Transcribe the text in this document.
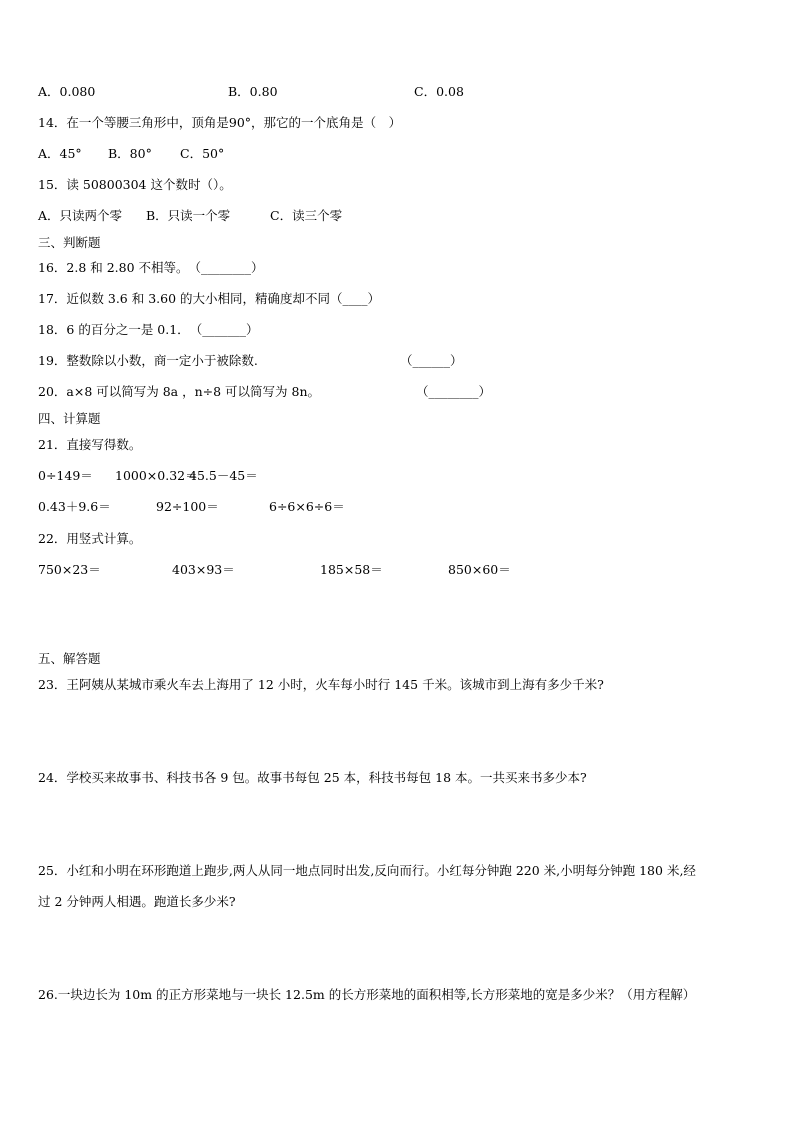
A．0.080	B．0.80	C．0.08
14．在一个等腰三角形中，顶角是90°，那它的一个底角是（　）
A．45° B．80° C．50°
15．读 50800304 这个数时（）。
A．只读两个零 B．只读一个零	C．读三个零
三、判断题
16．2.8 和 2.80 不相等。（________）
17．近似数 3.6 和 3.60 的大小相同，精确度却不同（____）
18．6 的百分之一是 0.1．（_______）
19．整数除以小数，商一定小于被除数.	（______）
20．a×8 可以简写为 8a ，n÷8 可以简写为 8n。	（________）
四、计算题
21．直接写得数。
0÷149＝ 1000×0.32＝45.5－45＝
0.43＋9.6＝	92÷100＝	6÷6×6÷6＝
22．用竖式计算。
750×23＝	403×93＝	185×58＝	850×60＝
五、解答题
23．王阿姨从某城市乘火车去上海用了 12 小时，火车每小时行 145 千米。该城市到上海有多少千米?
24．学校买来故事书、科技书各 9 包。故事书每包 25 本，科技书每包 18 本。一共买来书多少本?
25．小红和小明在环形跑道上跑步,两人从同一地点同时出发,反向而行。小红每分钟跑 220 米,小明每分钟跑 180 米,经
过 2 分钟两人相遇。跑道长多少米?
26.一块边长为 10m 的正方形菜地与一块长 12.5m 的长方形菜地的面积相等,长方形菜地的宽是多少米？（用方程解）
